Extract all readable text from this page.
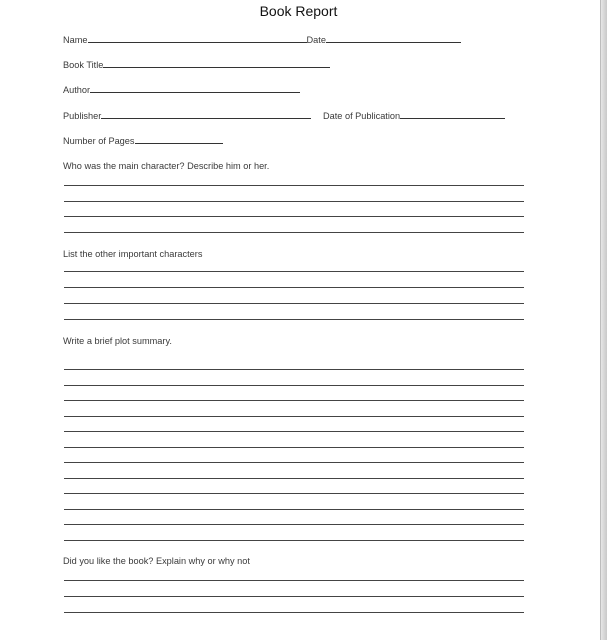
Book Report
Name	Date
Book Title
Author
Publisher	Date of Publication
Number of Pages
Who was the main character? Describe him or her.
List the other important characters
Write a brief plot summary.
Did you like the book? Explain why or why not
